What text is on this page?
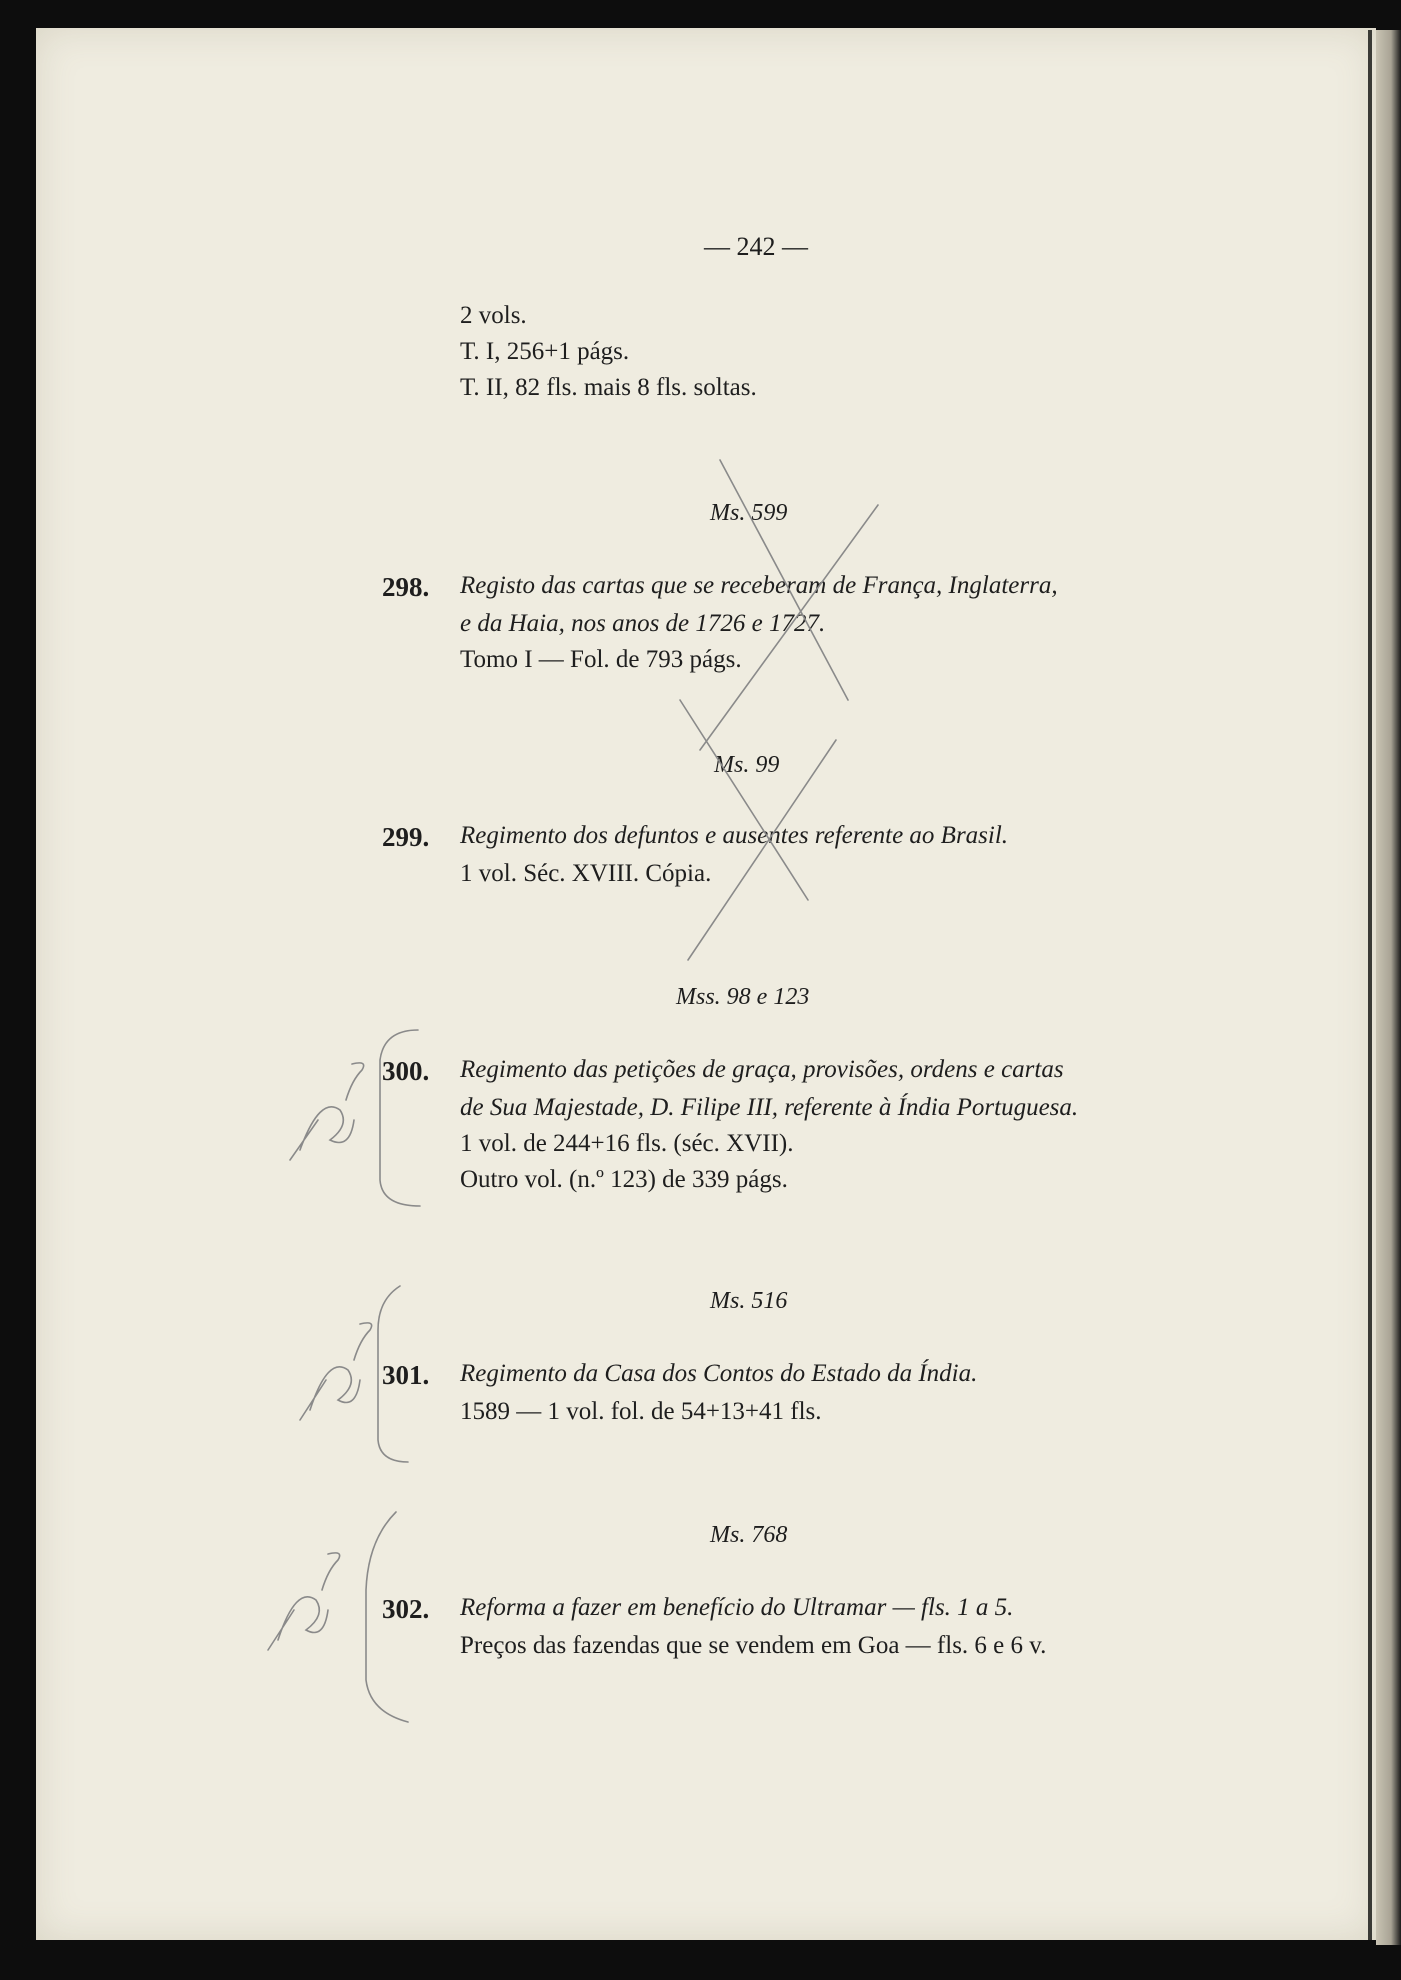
— 242 —
2 vols.
T. I, 256+1 págs.
T. II, 82 fls. mais 8 fls. soltas.
Ms. 599
298. Registo das cartas que se receberam de França, Inglaterra,
e da Haia, nos anos de 1726 e 1727.
Tomo I — Fol. de 793 págs.
Ms. 99
299. Regimento dos defuntos e ausentes referente ao Brasil.
1 vol. Séc. XVIII. Cópia.
Mss. 98 e 123
300. Regimento das petições de graça, provisões, ordens e cartas
de Sua Majestade, D. Filipe III, referente à Índia Portuguesa.
1 vol. de 244+16 fls. (séc. XVII).
Outro vol. (n.º 123) de 339 págs.
Ms. 516
301. Regimento da Casa dos Contos do Estado da Índia.
1589 — 1 vol. fol. de 54+13+41 fls.
Ms. 768
302. Reforma a fazer em benefício do Ultramar — fls. 1 a 5.
Preços das fazendas que se vendem em Goa — fls. 6 e 6 v.
